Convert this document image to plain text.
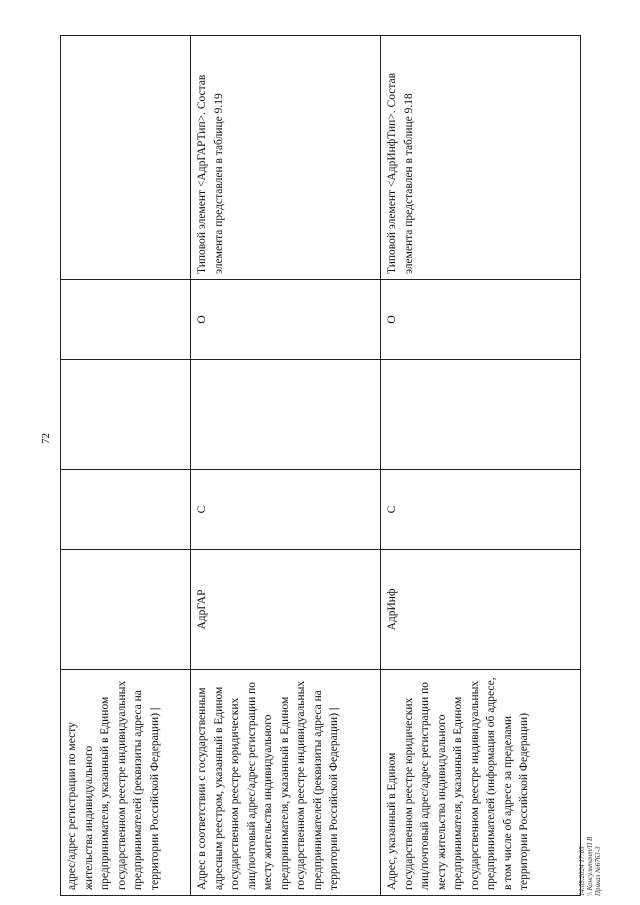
72
адрес/адрес регистрации по месту жительства индивидуального предпринимателя, указанный в Едином государственном реестре индивидуальных предпринимателей (реквизиты адреса на территории Российской Федерации) |					
Адрес в соответствии с государственным адресным реестром, указанный в Едином государственном реестре юридических лиц/почтовый адрес/адрес регистрации по месту жительства индивидуального предпринимателя, указанный в Едином государственном реестре индивидуальных предпринимателей (реквизиты адреса на территории Российской Федерации) |	АдрГАР	С		О	Типовой элемент <АдрГАРТип>. Состав элемента представлен в таблице 9.19
Адрес, указанный в Едином государственном реестре юридических лиц/почтовый адрес/адрес регистрации по месту жительства индивидуального предпринимателя, указанный в Едином государственном реестре индивидуальных предпринимателей (информация об адресе, в том числе об адресе за пределами территории Российской Федерации)	АдрИнф	С		О	Типовой элемент <АдрИнфТип>. Состав элемента представлен в таблице 9.18
14.05.2024 17:05 \\ Консультант/П В Приказ №6763-3
